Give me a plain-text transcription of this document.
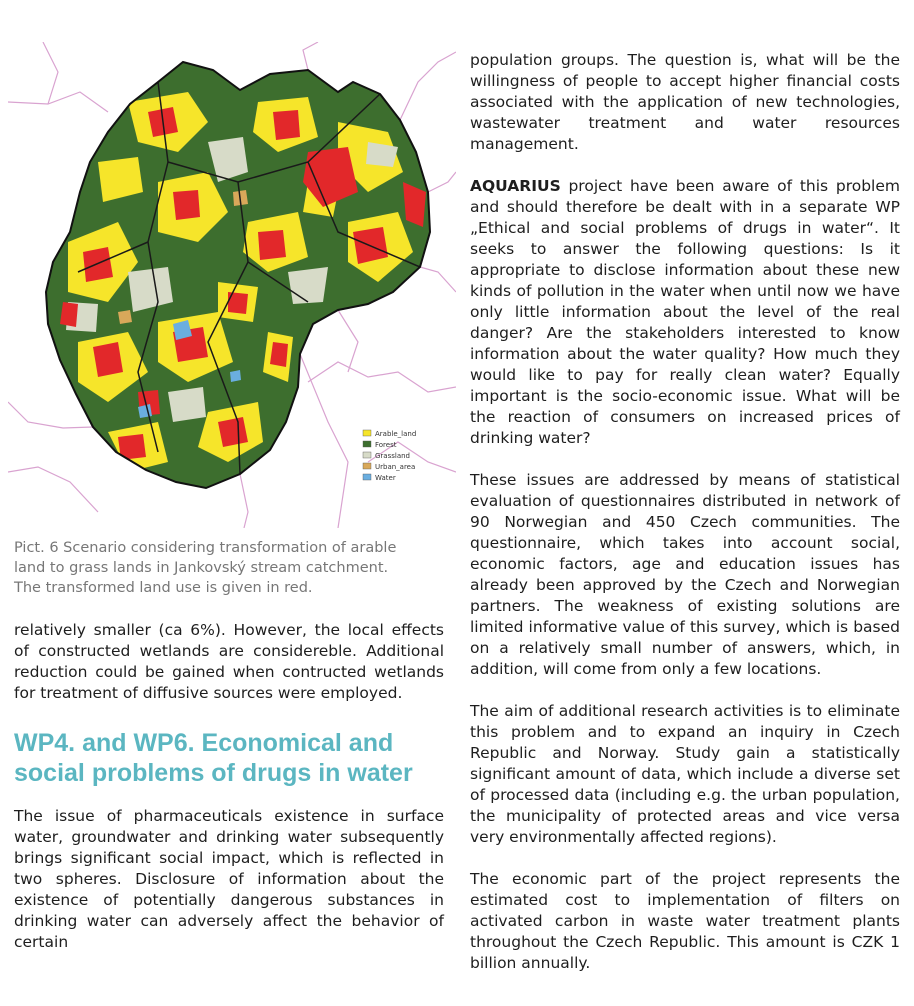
Arable_land
Forest
Grassland
Urban_area
Water
Pict. 6 Scenario considering transformation of arable land to grass lands in Jankovský stream catchment. The transformed land use is given in red.

relatively smaller (ca 6%). However, the local effects of constructed wetlands are considereble. Additional reduction could be gained when contructed wetlands for treatment of diffusive sources were employed.

WP4. and WP6. Economical and social problems of drugs in water

The issue of pharmaceuticals existence in surface water, groundwater and drinking water subsequently brings significant social impact, which is reflected in two spheres. Disclosure of information about the existence of potentially dangerous substances in drinking water can adversely affect the behavior of certain

population groups. The question is, what will be the willingness of people to accept higher financial costs associated with the application of new technologies, wastewater treatment and water resources management.

AQUARIUS project have been aware of this problem and should therefore be dealt with in a separate WP „Ethical and social problems of drugs in water“. It seeks to answer the following questions: Is it appropriate to disclose information about these new kinds of pollution in the water when until now we have only little information about the level of the real danger? Are the stakeholders interested to know information about the water quality? How much they would like to pay for really clean water? Equally important is the socio-economic issue. What will be the reaction of consumers on increased prices of drinking water?

These issues are addressed by means of statistical evaluation of questionnaires distributed in network of 90 Norwegian and 450 Czech communities. The questionnaire, which takes into account social, economic factors, age and education issues has already been approved by the Czech and Norwegian partners. The weakness of existing solutions are limited informative value of this survey, which is based on a relatively small number of answers, which, in addition, will come from only a few locations.

The aim of additional research activities is to eliminate this problem and to expand an inquiry in Czech Republic and Norway. Study gain a statistically significant amount of data, which include a diverse set of processed data (including e.g. the urban population, the municipality of protected areas and vice versa very environmentally affected regions).

The economic part of the project represents the estimated cost to implementation of filters on activated carbon in waste water treatment plants throughout the Czech Republic. This amount is CZK 1 billion annually.
